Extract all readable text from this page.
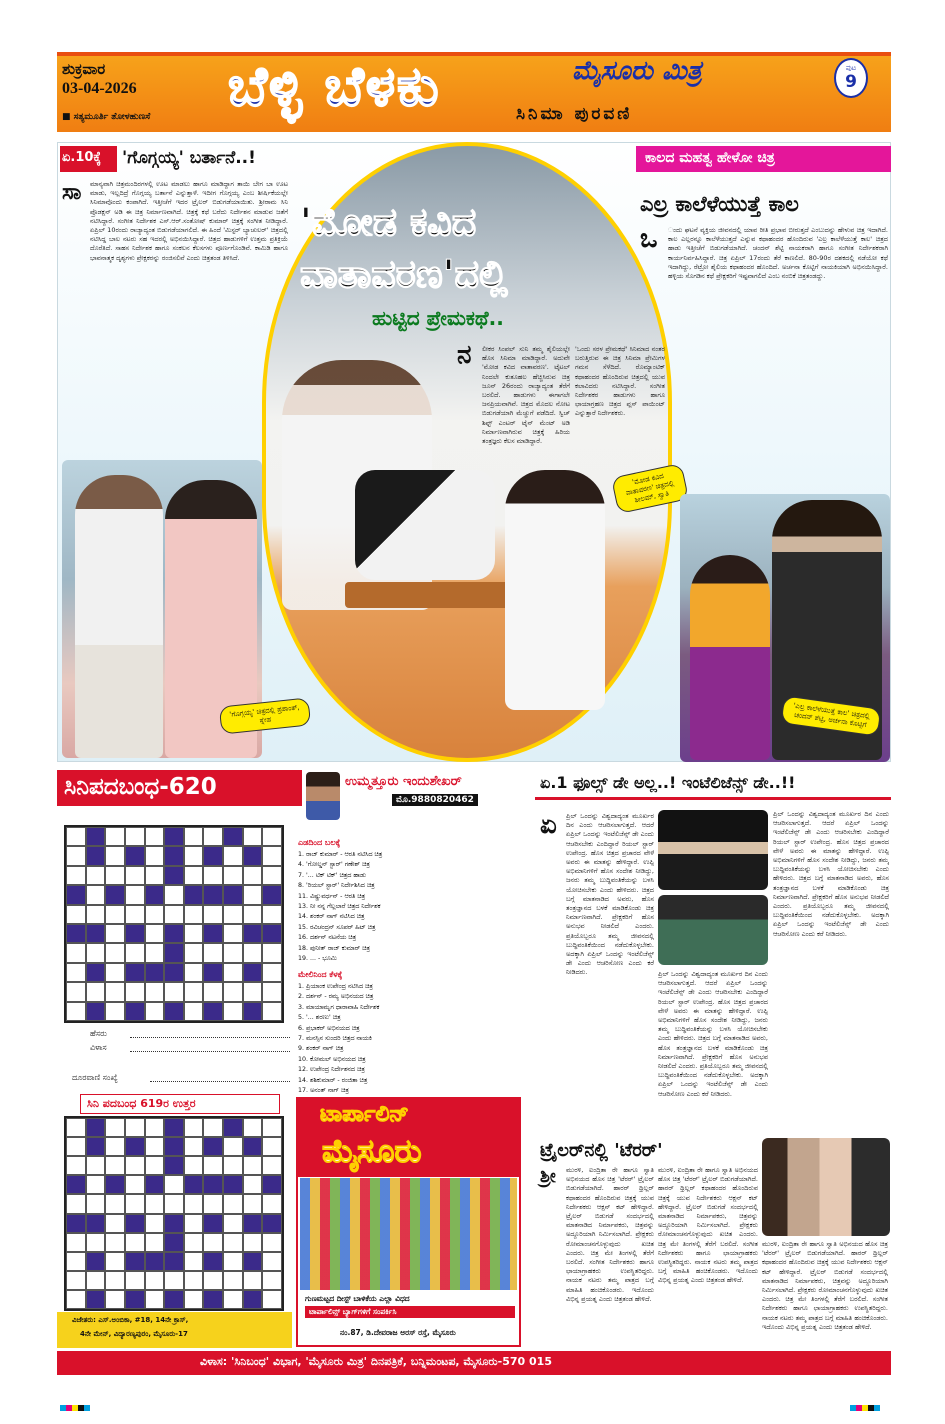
ಶುಕ್ರವಾರ
03-04-2026
■ ಸತ್ಯಮೂರ್ತಿ ತೋಳಹುಣಸೆ ಬೆಳ್ಳಿ ಬೆಳಕು	ಸಿನಿಮಾ ಪುರವಣಿ
ಮೈಸೂರು ಮಿತ್ರ	ಪುಟ
9
ಏ.10ಕ್ಕೆ 'ಗೊಗ್ಗಯ್ಯ' ಬರ್ತಾನೆ..!
ಸಾ ಮಾನ್ಯವಾಗಿ ಚಿತ್ರಮಂದಿರಗಳಲ್ಲಿ ಊಟ ಮಾಡಲು ಹಾಗೂ ಮಾಡಿದ್ದಾಗ ತಾಯಿ ಬೇಗ ಬಾ ಊಟ ಮಾಡು, ಇಲ್ಲದಿದ್ರೆ ಗೊಗ್ಗಯ್ಯ ಬರ್ತಾನೆ ಎನ್ನುತ್ತಾಳೆ. ಇದೀಗ ಗೊಗ್ಗಯ್ಯ ಎಂಬ ಶೀರ್ಷಿಕೆಯಲ್ಲೇ ಸಿನಿಮಾವೊಂದು ಕಂಪಾಗಿದೆ. ಇತ್ತೀಚೆಗೆ ಇದರ ಟ್ರೈಲರ್ ಬಿಡುಗಡೆಯಾಯಿತು. ಶ್ರೀರಾಮ ಸಿನಿ ಪ್ರೊಡಕ್ಷನ್ ಅಡಿ ಈ ಚಿತ್ರ ನಿರ್ಮಾಣವಾಗಿದೆ. ಚಿತ್ರಕ್ಕೆ ಕಥೆ ಬರೆದು ನಿರ್ದೇಶನ ಮಾಡುವ ಜತೆಗೆ ನಟಿಸಿದ್ದಾರೆ. ಸಂಗೀತ ನಿರ್ದೇಶಕ ಎಸ್.ಆರ್.ಸಂತೋಷ್ ಕುಮಾರ್ ಚಿತ್ರಕ್ಕೆ ಸಂಗೀತ ನೀಡಿದ್ದಾರೆ. ಏಪ್ರಿಲ್ 10ರಂದು ರಾಜ್ಯಾದ್ಯಂತ ಬಿಡುಗಡೆಯಾಗಲಿದೆ. ಈ ಹಿಂದೆ 'ಮಿಸ್ಟರ್ ಬ್ಯಾಚುಲರ್' ಚಿತ್ರದಲ್ಲಿ ನಟಿಸಿದ್ದ ಬಾಲ ನಟರು ಸಹ ಇದರಲ್ಲಿ ಅಭಿನಯಿಸಿದ್ದಾರೆ. ಚಿತ್ರದ ಹಾಡುಗಳಿಗೆ ಉತ್ತಮ ಪ್ರತಿಕ್ರಿಯೆ ದೊರೆತಿದೆ. ಸಾಹಸ ನಿರ್ದೇಶಕ ಹಾಗೂ ಸಂಕಲನ ಕೆಲಸಗಳು ಪೂರ್ಣಗೊಂಡಿವೆ. ಕಾಮಿಡಿ ಹಾಗೂ ಭಾವನಾತ್ಮಕ ದೃಶ್ಯಗಳು ಪ್ರೇಕ್ಷಕರನ್ನು ರಂಜಿಸಲಿವೆ ಎಂದು ಚಿತ್ರತಂಡ ತಿಳಿಸಿದೆ.
'ಗೊಗ್ಗಯ್ಯ' ಚಿತ್ರದಲ್ಲಿ ಪ್ರಶಾಂತ್, ಸ್ನೇಹ
'ಮೋಡ ಕವಿದ
ವಾತಾವರಣ'ದಲ್ಲಿ
ಹುಟ್ಟಿದ ಪ್ರೇಮಕಥೆ..
ನ ಲೀಕರ ಸಿಂಪಲ್ ಸುನಿ ತಮ್ಮ ಶೈಲಿಯಲ್ಲೇ ಹೊಸ ಸಿನಿಮಾ ಮಾಡಿದ್ದಾರೆ. ಅದುವೇ 'ಮೋಡ ಕವಿದ ವಾತಾವರಣ'. ಟೈಟಲ್ ನಿಂದಲೇ ಕುತೂಹಲ ಹೆಚ್ಚಿಸಿರುವ ಚಿತ್ರ ಜೂನ್ 26ರಂದು ರಾಜ್ಯಾದ್ಯಂತ ತೆರೆಗೆ ಬರಲಿದೆ. ಹಾಡುಗಳು ಈಗಾಗಲೇ ಜನಪ್ರಿಯವಾಗಿವೆ. ಚಿತ್ರದ ಮೊದಲ ನೋಟ ಬಿಡುಗಡೆಯಾಗಿ ಮೆಚ್ಚುಗೆ ಪಡೆದಿದೆ. ಸ್ವಿಚ್ ಶಿಫ್ಟ್ ಎಂಟರ್ ಟೈನ್ ಮೆಂಟ್ ಅಡಿ ನಿರ್ಮಾಣವಾಗಿರುವ ಚಿತ್ರಕ್ಕೆ ಹಿರಿಯ ತಂತ್ರಜ್ಞರು ಕೆಲಸ ಮಾಡಿದ್ದಾರೆ.
'ಒಂದು ಸರಳ ಪ್ರೇಮಕಥೆ' ಸಿನಿಮಾದ ನಂತರ ಬರುತ್ತಿರುವ ಈ ಚಿತ್ರ ಸಿನಿಮಾ ಪ್ರೇಮಿಗಳ ಗಮನ ಸೆಳೆದಿದೆ. ರೊಮ್ಯಾಂಟಿಕ್ ಕಥಾಹಂದರ ಹೊಂದಿರುವ ಚಿತ್ರದಲ್ಲಿ ಯುವ ಕಲಾವಿದರು ನಟಿಸಿದ್ದಾರೆ. ಸಂಗೀತ ನಿರ್ದೇಶಕರ ಹಾಡುಗಳು ಹಾಗೂ ಛಾಯಾಗ್ರಹಣ ಚಿತ್ರದ ಪ್ಲಸ್ ಪಾಯಿಂಟ್ ಎನ್ನುತ್ತಾರೆ ನಿರ್ದೇಶಕರು.
'ಮೋಡ ಕವಿದ ವಾತಾವರಣ' ಚಿತ್ರದಲ್ಲಿ ಶೀಲಮ್, ಸ್ವಾತಿ
ಕಾಲದ ಮಹತ್ವ ಹೇಳೋ ಚಿತ್ರ
ಎಲ್ರ ಕಾಲೆಳೆಯುತ್ತೆ ಕಾಲ
ಒ ಂದು ಘಟನೆ ವ್ಯಕ್ತಿಯ ಜೀವನದಲ್ಲಿ ಯಾವ ರೀತಿ ಪ್ರಭಾವ ಬೀರುತ್ತದೆ ಎಂಬುದನ್ನು ಹೇಳುವ ಚಿತ್ರ ಇದಾಗಿದೆ. ಕಾಲ ಎಲ್ಲರನ್ನೂ ಕಾಲೆಳೆಯುತ್ತದೆ ಎನ್ನುವ ಕಥಾಹಂದರ ಹೊಂದಿರುವ 'ಎಲ್ರ ಕಾಲೆಳೆಯುತ್ತೆ ಕಾಲ' ಚಿತ್ರದ ಹಾಡು ಇತ್ತೀಚೆಗೆ ಬಿಡುಗಡೆಯಾಗಿದೆ. ಚಂದನ್ ಶೆಟ್ಟಿ ನಾಯಕರಾಗಿ ಹಾಗೂ ಸಂಗೀತ ನಿರ್ದೇಶಕರಾಗಿ ಕಾರ್ಯನಿರ್ವಹಿಸಿದ್ದಾರೆ. ಚಿತ್ರ ಏಪ್ರಿಲ್ 17ರಂದು ತೆರೆ ಕಾಣಲಿದೆ. 80-90ರ ದಶಕದಲ್ಲಿ ನಡೆಯೋ ಕಥೆ ಇದಾಗಿದ್ದು, ರೆಟ್ರೋ ಶೈಲಿಯ ಕಥಾಹಂದರ ಹೊಂದಿದೆ. ಅರ್ಚನಾ ಕೊಟ್ಟಿಗೆ ನಾಯಕಿಯಾಗಿ ಅಭಿನಯಿಸಿದ್ದಾರೆ. ಹಳ್ಳಿಯ ಸೊಗಡಿನ ಕಥೆ ಪ್ರೇಕ್ಷಕರಿಗೆ ಇಷ್ಟವಾಗಲಿದೆ ಎಂಬ ನಂಬಿಕೆ ಚಿತ್ರತಂಡದ್ದು.
'ಎಲ್ರ ಕಾಲೆಳೆಯುತ್ತೆ ಕಾಲ' ಚಿತ್ರದಲ್ಲಿ ಚಂದನ್ ಶೆಟ್ಟಿ, ಅರ್ಚನಾ ಕೊಟ್ಟಿಗೆ
ಸಿನಿಪದಬಂಧ-620	ಉಮ್ಮತ್ತೂರು ಇಂದುಶೇಖರ್
ಮೊ.9880820462
ಹೆಸರು
ವಿಳಾಸ
ದೂರವಾಣಿ ಸಂಖ್ಯೆ
ಎಡದಿಂದ ಬಲಕ್ಕೆ
1. ರಾಜ್ ಕುಮಾರ್ - ಆರತಿ ನಟಿಸಿದ ಚಿತ್ರ
4. 'ಗೋಲ್ಡನ್ ಸ್ಟಾರ್' ಗಣೇಶ್ ಚಿತ್ರ
7. '... ಟಿಕ್ ಟಿಕ್' ಚಿತ್ರದ ಹಾಡು
8. 'ರಿಯಲ್ ಸ್ಟಾರ್' ನಿರ್ದೇಶಿಸಿದ ಚಿತ್ರ
11. ವಿಷ್ಣುವರ್ಧನ್ - ಆರತಿ ಚಿತ್ರ
13. ನೀ ನನ್ನ ಗೆಲ್ಲಲಾರೆ ಚಿತ್ರದ ನಿರ್ದೇಶಕ
14. ಶಂಕರ್ ನಾಗ್ ನಟಿಸಿದ ಚಿತ್ರ
15. ರವಿಚಂದ್ರನ್ ಸೂಪರ್ ಹಿಟ್ ಚಿತ್ರ
16. ದರ್ಶನ್ ನಟನೆಯ ಚಿತ್ರ
18. ಪುನೀತ್ ರಾಜ್ ಕುಮಾರ್ ಚಿತ್ರ
19. ... - ಭೂಮಿ
ಮೇಲಿನಿಂದ ಕೆಳಕ್ಕೆ
1. ಪ್ರಿಯಾಂಕ ಉಪೇಂದ್ರ ನಟಿಸಿದ ಚಿತ್ರ
2. ದರ್ಶನ್ - ರಮ್ಯ ಅಭಿನಯದ ಚಿತ್ರ
3. ಮಾಯಾಮೃಗ ಧಾರಾವಾಹಿ ನಿರ್ದೇಶಕ
5. '... ಶರಣು' ಚಿತ್ರ
6. ಪ್ರಭಾಕರ್ ಅಭಿನಯದ ಚಿತ್ರ
7. ಮನಸ್ಸಿನ ಸುಂದರಿ ಚಿತ್ರದ ನಾಯಕಿ
9. ಶಂಕರ್ ನಾಗ್ ಚಿತ್ರ
10. ಕೋಮಲ್ ಅಭಿನಯದ ಚಿತ್ರ
12. ಉಪೇಂದ್ರ ನಿರ್ದೇಶನದ ಚಿತ್ರ
14. ಶಶಿಕುಮಾರ್ - ರಂಜಿತಾ ಚಿತ್ರ
17. ಅನಂತ್ ನಾಗ್ ಚಿತ್ರ
ಸಿನಿ ಪದಬಂಧ 619ರ ಉತ್ತರ
ವಿಜೇತರು: ಎಸ್.ಅಂಬಿಕಾ, #18, 14ನೇ ಕ್ರಾಸ್,
4ನೇ ಮೇನ್, ವಿದ್ಯಾರಣ್ಯಪುರಂ, ಮೈಸೂರು-17
ಟಾರ್ಪಾಲಿನ್
ಮೈಸೂರು
ಗುಣಮಟ್ಟದ ದೀಸ್ಟ್ ಬಾಳಿಕೆಯ ಎಲ್ಲಾ ವಿಧದ
ಟಾರ್ಪಾಲಿನ್ಸ್ ಬ್ಯಾಗ್‌ಗಳಿಗೆ ಸಂಪರ್ಕಿಸಿ
ನಂ.87, ಡಿ.ದೇವರಾಜ ಅರಸ್ ರಸ್ತೆ, ಮೈಸೂರು
ಏ.1 ಫೂಲ್ಸ್ ಡೇ ಅಲ್ಲ..! ಇಂಟೆಲಿಜೆನ್ಸ್ ಡೇ..!!
ಏ ಪ್ರಿಲ್ ಒಂದನ್ನು ವಿಶ್ವದಾದ್ಯಂತ ಮೂರ್ಖರ ದಿನ ಎಂದು ಆಚರಿಸಲಾಗುತ್ತದೆ. ಆದರೆ ಏಪ್ರಿಲ್ ಒಂದನ್ನು ಇಂಟೆಲಿಜೆನ್ಸ್ ಡೇ ಎಂದು ಆಚರಿಸಬೇಕು ಎಂದಿದ್ದಾರೆ ರಿಯಲ್ ಸ್ಟಾರ್ ಉಪೇಂದ್ರ. ಹೊಸ ಚಿತ್ರದ ಪ್ರಚಾರದ ವೇಳೆ ಅವರು ಈ ಮಾತನ್ನು ಹೇಳಿದ್ದಾರೆ. ಉಪ್ಪಿ ಅಭಿಮಾನಿಗಳಿಗೆ ಹೊಸ ಸಂದೇಶ ನೀಡಿದ್ದು, ಜನರು ತಮ್ಮ ಬುದ್ಧಿವಂತಿಕೆಯನ್ನು ಬಳಸಿ ಯೋಚಿಸಬೇಕು ಎಂದು ಹೇಳಿದರು. ಚಿತ್ರದ ಬಗ್ಗೆ ಮಾತನಾಡಿದ ಅವರು, ಹೊಸ ತಂತ್ರಜ್ಞಾನದ ಬಳಕೆ ಮಾಡಿಕೊಂಡು ಚಿತ್ರ ನಿರ್ಮಾಣವಾಗಿದೆ. ಪ್ರೇಕ್ಷಕರಿಗೆ ಹೊಸ ಅನುಭವ ನೀಡಲಿದೆ ಎಂದರು. ಪ್ರತಿಯೊಬ್ಬರೂ ತಮ್ಮ ಜೀವನದಲ್ಲಿ ಬುದ್ಧಿವಂತಿಕೆಯಿಂದ ನಡೆದುಕೊಳ್ಳಬೇಕು. ಅದಕ್ಕಾಗಿ ಏಪ್ರಿಲ್ ಒಂದನ್ನು ಇಂಟೆಲಿಜೆನ್ಸ್ ಡೇ ಎಂದು ಆಚರಿಸೋಣ ಎಂದು ಕರೆ ನೀಡಿದರು.	ಪ್ರಿಲ್ ಒಂದನ್ನು ವಿಶ್ವದಾದ್ಯಂತ ಮೂರ್ಖರ ದಿನ ಎಂದು ಆಚರಿಸಲಾಗುತ್ತದೆ. ಆದರೆ ಏಪ್ರಿಲ್ ಒಂದನ್ನು ಇಂಟೆಲಿಜೆನ್ಸ್ ಡೇ ಎಂದು ಆಚರಿಸಬೇಕು ಎಂದಿದ್ದಾರೆ ರಿಯಲ್ ಸ್ಟಾರ್ ಉಪೇಂದ್ರ. ಹೊಸ ಚಿತ್ರದ ಪ್ರಚಾರದ ವೇಳೆ ಅವರು ಈ ಮಾತನ್ನು ಹೇಳಿದ್ದಾರೆ. ಉಪ್ಪಿ ಅಭಿಮಾನಿಗಳಿಗೆ ಹೊಸ ಸಂದೇಶ ನೀಡಿದ್ದು, ಜನರು ತಮ್ಮ ಬುದ್ಧಿವಂತಿಕೆಯನ್ನು ಬಳಸಿ ಯೋಚಿಸಬೇಕು ಎಂದು ಹೇಳಿದರು. ಚಿತ್ರದ ಬಗ್ಗೆ ಮಾತನಾಡಿದ ಅವರು, ಹೊಸ ತಂತ್ರಜ್ಞಾನದ ಬಳಕೆ ಮಾಡಿಕೊಂಡು ಚಿತ್ರ ನಿರ್ಮಾಣವಾಗಿದೆ. ಪ್ರೇಕ್ಷಕರಿಗೆ ಹೊಸ ಅನುಭವ ನೀಡಲಿದೆ ಎಂದರು. ಪ್ರತಿಯೊಬ್ಬರೂ ತಮ್ಮ ಜೀವನದಲ್ಲಿ ಬುದ್ಧಿವಂತಿಕೆಯಿಂದ ನಡೆದುಕೊಳ್ಳಬೇಕು. ಅದಕ್ಕಾಗಿ ಏಪ್ರಿಲ್ ಒಂದನ್ನು ಇಂಟೆಲಿಜೆನ್ಸ್ ಡೇ ಎಂದು ಆಚರಿಸೋಣ ಎಂದು ಕರೆ ನೀಡಿದರು.
ಪ್ರಿಲ್ ಒಂದನ್ನು ವಿಶ್ವದಾದ್ಯಂತ ಮೂರ್ಖರ ದಿನ ಎಂದು ಆಚರಿಸಲಾಗುತ್ತದೆ. ಆದರೆ ಏಪ್ರಿಲ್ ಒಂದನ್ನು ಇಂಟೆಲಿಜೆನ್ಸ್ ಡೇ ಎಂದು ಆಚರಿಸಬೇಕು ಎಂದಿದ್ದಾರೆ ರಿಯಲ್ ಸ್ಟಾರ್ ಉಪೇಂದ್ರ. ಹೊಸ ಚಿತ್ರದ ಪ್ರಚಾರದ ವೇಳೆ ಅವರು ಈ ಮಾತನ್ನು ಹೇಳಿದ್ದಾರೆ. ಉಪ್ಪಿ ಅಭಿಮಾನಿಗಳಿಗೆ ಹೊಸ ಸಂದೇಶ ನೀಡಿದ್ದು, ಜನರು ತಮ್ಮ ಬುದ್ಧಿವಂತಿಕೆಯನ್ನು ಬಳಸಿ ಯೋಚಿಸಬೇಕು ಎಂದು ಹೇಳಿದರು. ಚಿತ್ರದ ಬಗ್ಗೆ ಮಾತನಾಡಿದ ಅವರು, ಹೊಸ ತಂತ್ರಜ್ಞಾನದ ಬಳಕೆ ಮಾಡಿಕೊಂಡು ಚಿತ್ರ ನಿರ್ಮಾಣವಾಗಿದೆ. ಪ್ರೇಕ್ಷಕರಿಗೆ ಹೊಸ ಅನುಭವ ನೀಡಲಿದೆ ಎಂದರು. ಪ್ರತಿಯೊಬ್ಬರೂ ತಮ್ಮ ಜೀವನದಲ್ಲಿ ಬುದ್ಧಿವಂತಿಕೆಯಿಂದ ನಡೆದುಕೊಳ್ಳಬೇಕು. ಅದಕ್ಕಾಗಿ ಏಪ್ರಿಲ್ ಒಂದನ್ನು ಇಂಟೆಲಿಜೆನ್ಸ್ ಡೇ ಎಂದು ಆಚರಿಸೋಣ ಎಂದು ಕರೆ ನೀಡಿದರು.
ಟ್ರೈಲರ್‌ನಲ್ಲಿ 'ಟೆರರ್'
ಶ್ರೀ ಮುರಳಿ, ಐಂದ್ರಿತಾ ರೇ ಹಾಗೂ ಸ್ವಾತಿ ಅಭಿನಯದ ಹೊಸ ಚಿತ್ರ 'ಟೆರರ್' ಟ್ರೈಲರ್ ಬಿಡುಗಡೆಯಾಗಿದೆ. ಹಾರರ್ ಥ್ರಿಲ್ಲರ್ ಕಥಾಹಂದರ ಹೊಂದಿರುವ ಚಿತ್ರಕ್ಕೆ ಯುವ ನಿರ್ದೇಶಕರು ಆಕ್ಷನ್ ಕಟ್ ಹೇಳಿದ್ದಾರೆ. ಟ್ರೈಲರ್ ಬಿಡುಗಡೆ ಸಂದರ್ಭದಲ್ಲಿ ಮಾತನಾಡಿದ ನಿರ್ಮಾಪಕರು, ಚಿತ್ರವನ್ನು ಅದ್ದೂರಿಯಾಗಿ ನಿರ್ಮಿಸಲಾಗಿದೆ. ಪ್ರೇಕ್ಷಕರು ರೋಮಾಂಚನಗೊಳ್ಳುವುದು ಖಚಿತ ಎಂದರು. ಚಿತ್ರ ಮೇ ತಿಂಗಳಲ್ಲಿ ತೆರೆಗೆ ಬರಲಿದೆ. ಸಂಗೀತ ನಿರ್ದೇಶಕರು ಹಾಗೂ ಛಾಯಾಗ್ರಾಹಕರು ಉಪಸ್ಥಿತರಿದ್ದರು. ನಾಯಕ ನಟರು ತಮ್ಮ ಪಾತ್ರದ ಬಗ್ಗೆ ಮಾಹಿತಿ ಹಂಚಿಕೊಂಡರು. ಇದೊಂದು ವಿಭಿನ್ನ ಪ್ರಯತ್ನ ಎಂದು ಚಿತ್ರತಂಡ ಹೇಳಿದೆ.
ಮುರಳಿ, ಐಂದ್ರಿತಾ ರೇ ಹಾಗೂ ಸ್ವಾತಿ ಅಭಿನಯದ ಹೊಸ ಚಿತ್ರ 'ಟೆರರ್' ಟ್ರೈಲರ್ ಬಿಡುಗಡೆಯಾಗಿದೆ. ಹಾರರ್ ಥ್ರಿಲ್ಲರ್ ಕಥಾಹಂದರ ಹೊಂದಿರುವ ಚಿತ್ರಕ್ಕೆ ಯುವ ನಿರ್ದೇಶಕರು ಆಕ್ಷನ್ ಕಟ್ ಹೇಳಿದ್ದಾರೆ. ಟ್ರೈಲರ್ ಬಿಡುಗಡೆ ಸಂದರ್ಭದಲ್ಲಿ ಮಾತನಾಡಿದ ನಿರ್ಮಾಪಕರು, ಚಿತ್ರವನ್ನು ಅದ್ದೂರಿಯಾಗಿ ನಿರ್ಮಿಸಲಾಗಿದೆ. ಪ್ರೇಕ್ಷಕರು ರೋಮಾಂಚನಗೊಳ್ಳುವುದು ಖಚಿತ ಎಂದರು. ಚಿತ್ರ ಮೇ ತಿಂಗಳಲ್ಲಿ ತೆರೆಗೆ ಬರಲಿದೆ. ಸಂಗೀತ ನಿರ್ದೇಶಕರು ಹಾಗೂ ಛಾಯಾಗ್ರಾಹಕರು ಉಪಸ್ಥಿತರಿದ್ದರು. ನಾಯಕ ನಟರು ತಮ್ಮ ಪಾತ್ರದ ಬಗ್ಗೆ ಮಾಹಿತಿ ಹಂಚಿಕೊಂಡರು. ಇದೊಂದು ವಿಭಿನ್ನ ಪ್ರಯತ್ನ ಎಂದು ಚಿತ್ರತಂಡ ಹೇಳಿದೆ.
ಮುರಳಿ, ಐಂದ್ರಿತಾ ರೇ ಹಾಗೂ ಸ್ವಾತಿ ಅಭಿನಯದ ಹೊಸ ಚಿತ್ರ 'ಟೆರರ್' ಟ್ರೈಲರ್ ಬಿಡುಗಡೆಯಾಗಿದೆ. ಹಾರರ್ ಥ್ರಿಲ್ಲರ್ ಕಥಾಹಂದರ ಹೊಂದಿರುವ ಚಿತ್ರಕ್ಕೆ ಯುವ ನಿರ್ದೇಶಕರು ಆಕ್ಷನ್ ಕಟ್ ಹೇಳಿದ್ದಾರೆ. ಟ್ರೈಲರ್ ಬಿಡುಗಡೆ ಸಂದರ್ಭದಲ್ಲಿ ಮಾತನಾಡಿದ ನಿರ್ಮಾಪಕರು, ಚಿತ್ರವನ್ನು ಅದ್ದೂರಿಯಾಗಿ ನಿರ್ಮಿಸಲಾಗಿದೆ. ಪ್ರೇಕ್ಷಕರು ರೋಮಾಂಚನಗೊಳ್ಳುವುದು ಖಚಿತ ಎಂದರು. ಚಿತ್ರ ಮೇ ತಿಂಗಳಲ್ಲಿ ತೆರೆಗೆ ಬರಲಿದೆ. ಸಂಗೀತ ನಿರ್ದೇಶಕರು ಹಾಗೂ ಛಾಯಾಗ್ರಾಹಕರು ಉಪಸ್ಥಿತರಿದ್ದರು. ನಾಯಕ ನಟರು ತಮ್ಮ ಪಾತ್ರದ ಬಗ್ಗೆ ಮಾಹಿತಿ ಹಂಚಿಕೊಂಡರು. ಇದೊಂದು ವಿಭಿನ್ನ ಪ್ರಯತ್ನ ಎಂದು ಚಿತ್ರತಂಡ ಹೇಳಿದೆ.
ವಿಳಾಸ: 'ಸಿನಿಬಂಧ' ವಿಭಾಗ, 'ಮೈಸೂರು ಮಿತ್ರ' ದಿನಪತ್ರಿಕೆ, ಬನ್ನಿಮಂಟಪ, ಮೈಸೂರು-570 015
